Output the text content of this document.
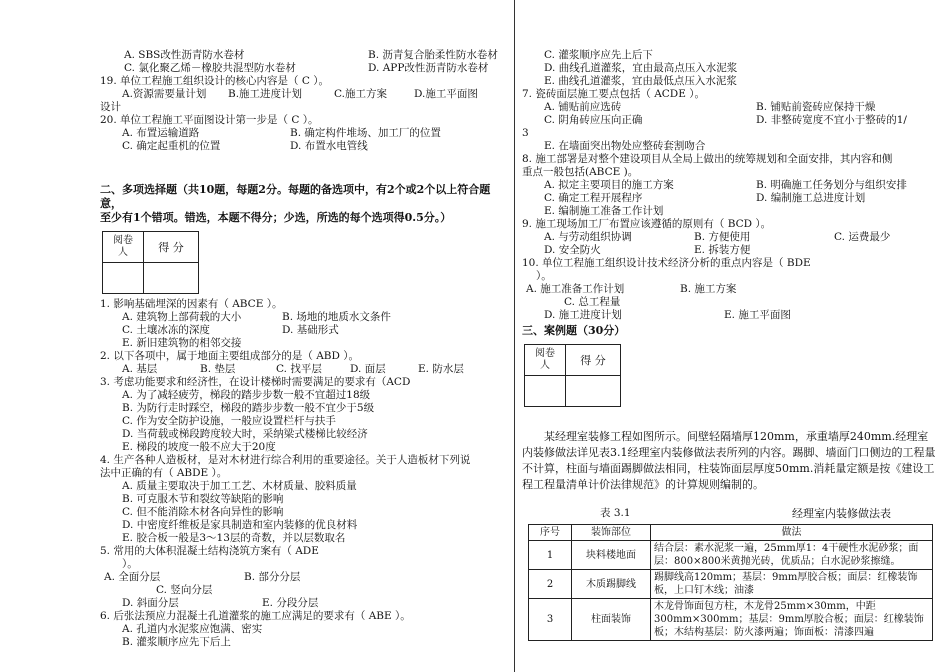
A. SBS改性沥青防水卷材	B. 沥青复合胎柔性防水卷材
C. 氯化聚乙烯－橡胶共混型防水卷材	D. APP改性沥青防水卷材
19. 单位工程施工组织设计的核心内容是（ C ）。
A.资源需要量计划	B.施工进度计划	C.施工方案	D.施工平面图
设计
20. 单位工程施工平面图设计第一步是（ C ）。
A. 布置运输道路	B. 确定构件堆场、加工厂的位置
C. 确定起重机的位置	D. 布置水电管线
二、多项选择题（共10题，每题2分。每题的备选项中，有2个或2个以上符合题意，
至少有1个错项。错选，本题不得分；少选，所选的每个选项得0.5分。）
阅卷
人	得 分

1. 影响基础埋深的因素有（ ABCE ）。
A. 建筑物上部荷载的大小	B. 场地的地质水文条件
C. 土壤冰冻的深度	D. 基础形式
E. 新旧建筑物的相邻交接
2. 以下各项中，属于地面主要组成部分的是（ ABD ）。
A. 基层	B. 垫层	C. 找平层	D. 面层	E. 防水层
3. 考虑功能要求和经济性，在设计楼梯时需要满足的要求有（ACD
A. 为了减轻疲劳，梯段的踏步步数一般不宜超过18级
B. 为防行走时踩空，梯段的踏步步数一般不宜少于5级
C. 作为安全防护设施，一般应设置栏杆与扶手
D. 当荷载或梯段跨度较大时，采纳梁式楼梯比较经济
E. 梯段的坡度一般不应大于20度
4. 生产各种人造板材，是对木材进行综合利用的重要途径。关于人造板材下列说
法中正确的有（ ABDE ）。
A. 质量主要取决于加工工艺、木材质量、胶料质量
B. 可克服木节和裂纹等缺陷的影响
C. 但不能消除木材各向异性的影响
D. 中密度纤维板是家具制造和室内装修的优良材料
E. 胶合板一般是3～13层的奇数，并以层数取名
5. 常用的大体积混凝土结构浇筑方案有（ ADE
）。
A. 全面分层	B. 部分分层
C. 竖向分层
D. 斜面分层	E. 分段分层
6. 后张法预应力混凝土孔道灌浆的施工应满足的要求有（ ABE ）。
A. 孔道内水泥浆应饱满、密实
B. 灌浆顺序应先下后上
C. 灌浆顺序应先上后下
D. 曲线孔道灌浆，宜由最高点压入水泥浆
E. 曲线孔道灌浆，宜由最低点压入水泥浆
7. 瓷砖面层施工要点包括（ ACDE ）。
A. 铺贴前应选砖	B. 铺贴前瓷砖应保持干燥
C. 阴角砖应压向正确	D. 非整砖宽度不宜小于整砖的1/
3
E. 在墙面突出物处应整砖套割吻合
8. 施工部署是对整个建设项目从全局上做出的统筹规划和全面安排，其内容和侧
重点一般包括(ABCE )。
A. 拟定主要项目的施工方案	B. 明确施工任务划分与组织安排
C. 确定工程开展程序	D. 编制施工总进度计划
E. 编制施工准备工作计划
9. 施工现场加工厂布置应该遵循的原则有（ BCD ）。
A. 与劳动组织协调	B. 方便使用	C. 运费最少
D. 安全防火	E. 拆装方便
10. 单位工程施工组织设计技术经济分析的重点内容是（ BDE
）。
A. 施工准备工作计划	B. 施工方案
C. 总工程量
D. 施工进度计划	E. 施工平面图
三、案例题（30分）
阅卷
人	得 分

某经理室装修工程如图所示。间壁轻隔墙厚120mm，承重墙厚240mm.经理室内装修做法详见表3.1经理室内装修做法表所列的内容。踢脚、墙面门口侧边的工程量不计算，柱面与墙面踢脚做法相同，柱装饰面层厚度50mm.消耗量定额是按《建设工程工程量清单计价法律规范》的计算规则编制的。
表 3.1	经理室内装修做法表
序号	装饰部位	做法
1	块料楼地面	结合层：素水泥浆一遍，25mm厚1：4干硬性水泥砂浆；面层：800×800米黄抛光砖，优质品；白水泥砂浆擦缝。
2	木质踢脚线	踢脚线高120mm；基层：9mm厚胶合板；面层：红橡装饰板，上口钉木线；油漆
3	柱面装饰	木龙骨饰面包方柱，木龙骨25mm×30mm，中距300mm×300mm；基层：9mm厚胶合板；面层：红橡装饰板；木结构基层：防火漆两遍；饰面板：清漆四遍
